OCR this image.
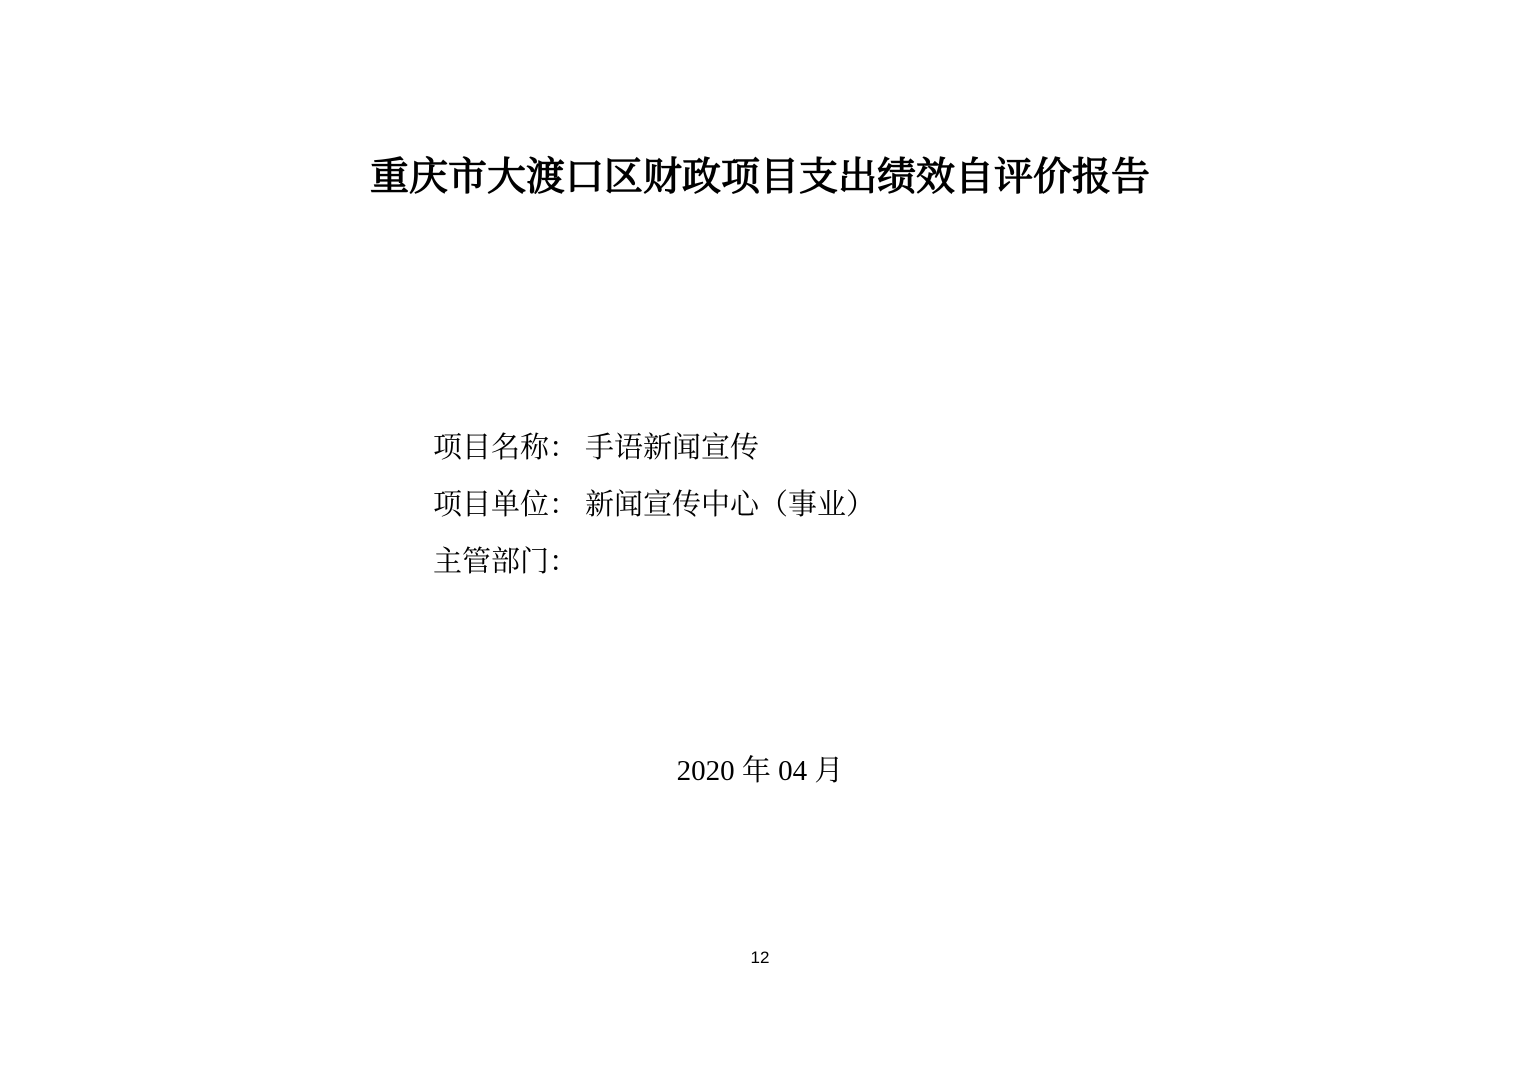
重庆市大渡口区财政项目支出绩效自评价报告
项目名称： 手语新闻宣传
项目单位： 新闻宣传中心（事业）
主管部门：
2020 年 04 月
12
